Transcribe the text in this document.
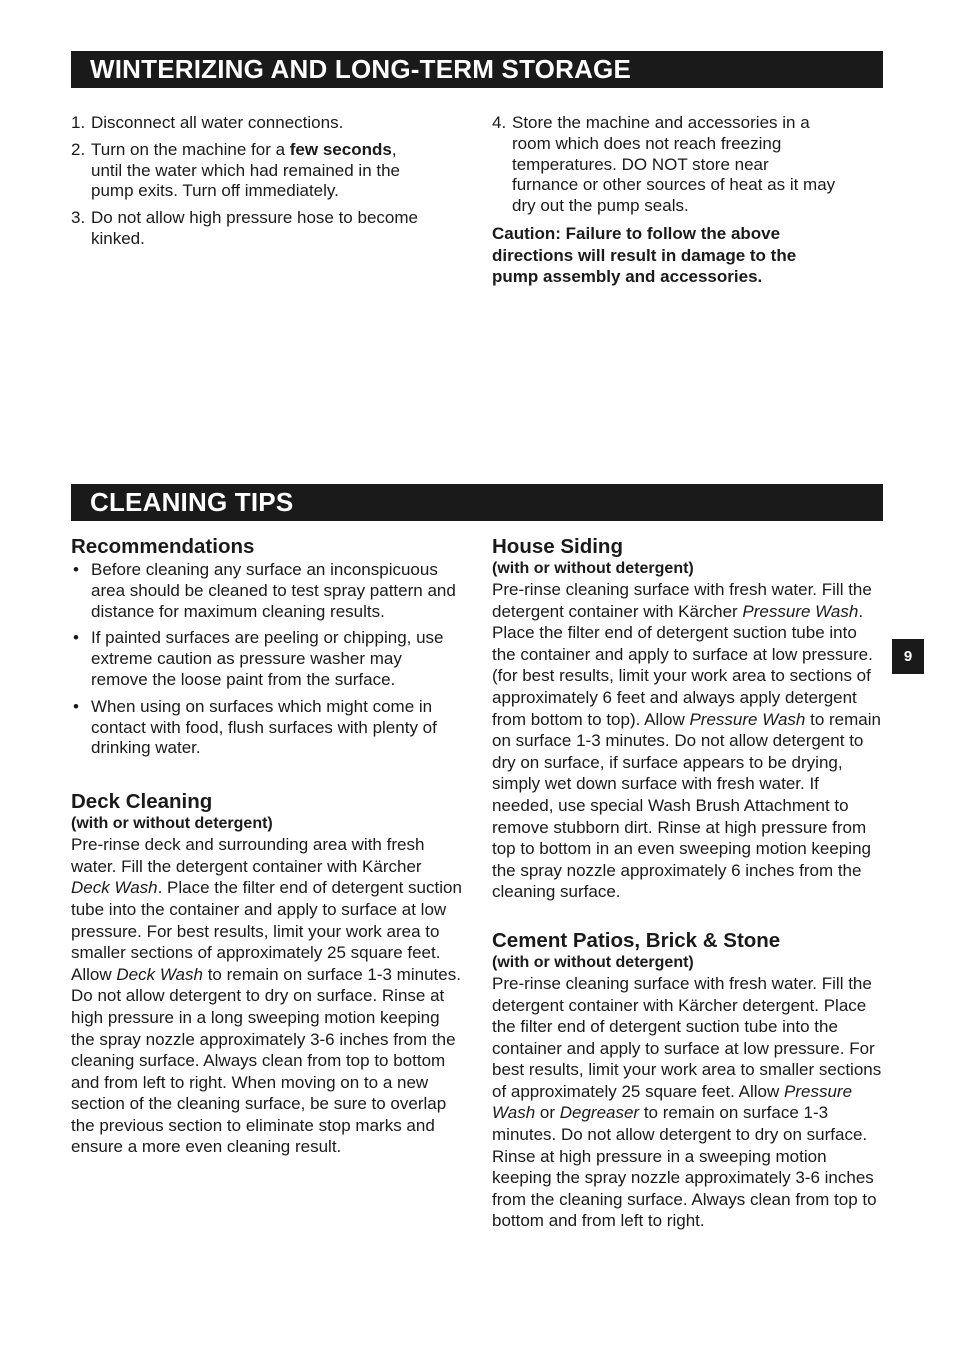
WINTERIZING AND LONG-TERM STORAGE
1. Disconnect all water connections.
2. Turn on the machine for a few seconds, until the water which had remained in the pump exits. Turn off immediately.
3. Do not allow high pressure hose to become kinked.
4. Store the machine and accessories in a room which does not reach freezing temperatures. DO NOT store near furnance or other sources of heat as it may dry out the pump seals.

Caution: Failure to follow the above directions will result in damage to the pump assembly and accessories.

CLEANING TIPS
Recommendations
• Before cleaning any surface an inconspicuous area should be cleaned to test spray pattern and distance for maximum cleaning results.
• If painted surfaces are peeling or chipping, use extreme caution as pressure washer may remove the loose paint from the surface.
• When using on surfaces which might come in contact with food, flush surfaces with plenty of drinking water.
Deck Cleaning
(with or without detergent)

Pre-rinse deck and surrounding area with fresh water. Fill the detergent container with Kärcher Deck Wash. Place the filter end of detergent suction tube into the container and apply to surface at low pressure. For best results, limit your work area to smaller sections of approximately 25 square feet. Allow Deck Wash to remain on surface 1-3 minutes. Do not allow detergent to dry on surface. Rinse at high pressure in a long sweeping motion keeping the spray nozzle approximately 3-6 inches from the cleaning surface. Always clean from top to bottom and from left to right. When moving on to a new section of the cleaning surface, be sure to overlap the previous section to eliminate stop marks and ensure a more even cleaning result.

House Siding
(with or without detergent)

Pre-rinse cleaning surface with fresh water. Fill the detergent container with Kärcher Pressure Wash. Place the filter end of detergent suction tube into the container and apply to surface at low pressure. (for best results, limit your work area to sections of approximately 6 feet and always apply detergent from bottom to top). Allow Pressure Wash to remain on surface 1-3 minutes. Do not allow detergent to dry on surface, if surface appears to be drying, simply wet down surface with fresh water. If needed, use special Wash Brush Attachment to remove stubborn dirt. Rinse at high pressure from top to bottom in an even sweeping motion keeping the spray nozzle approximately 6 inches from the cleaning surface.

Cement Patios, Brick & Stone
(with or without detergent)

Pre-rinse cleaning surface with fresh water. Fill the detergent container with Kärcher detergent. Place the filter end of detergent suction tube into the container and apply to surface at low pressure. For best results, limit your work area to smaller sections of approximately 25 square feet. Allow Pressure Wash or Degreaser to remain on surface 1-3 minutes. Do not allow detergent to dry on surface. Rinse at high pressure in a sweeping motion keeping the spray nozzle approximately 3-6 inches from the cleaning surface. Always clean from top to bottom and from left to right.

9
